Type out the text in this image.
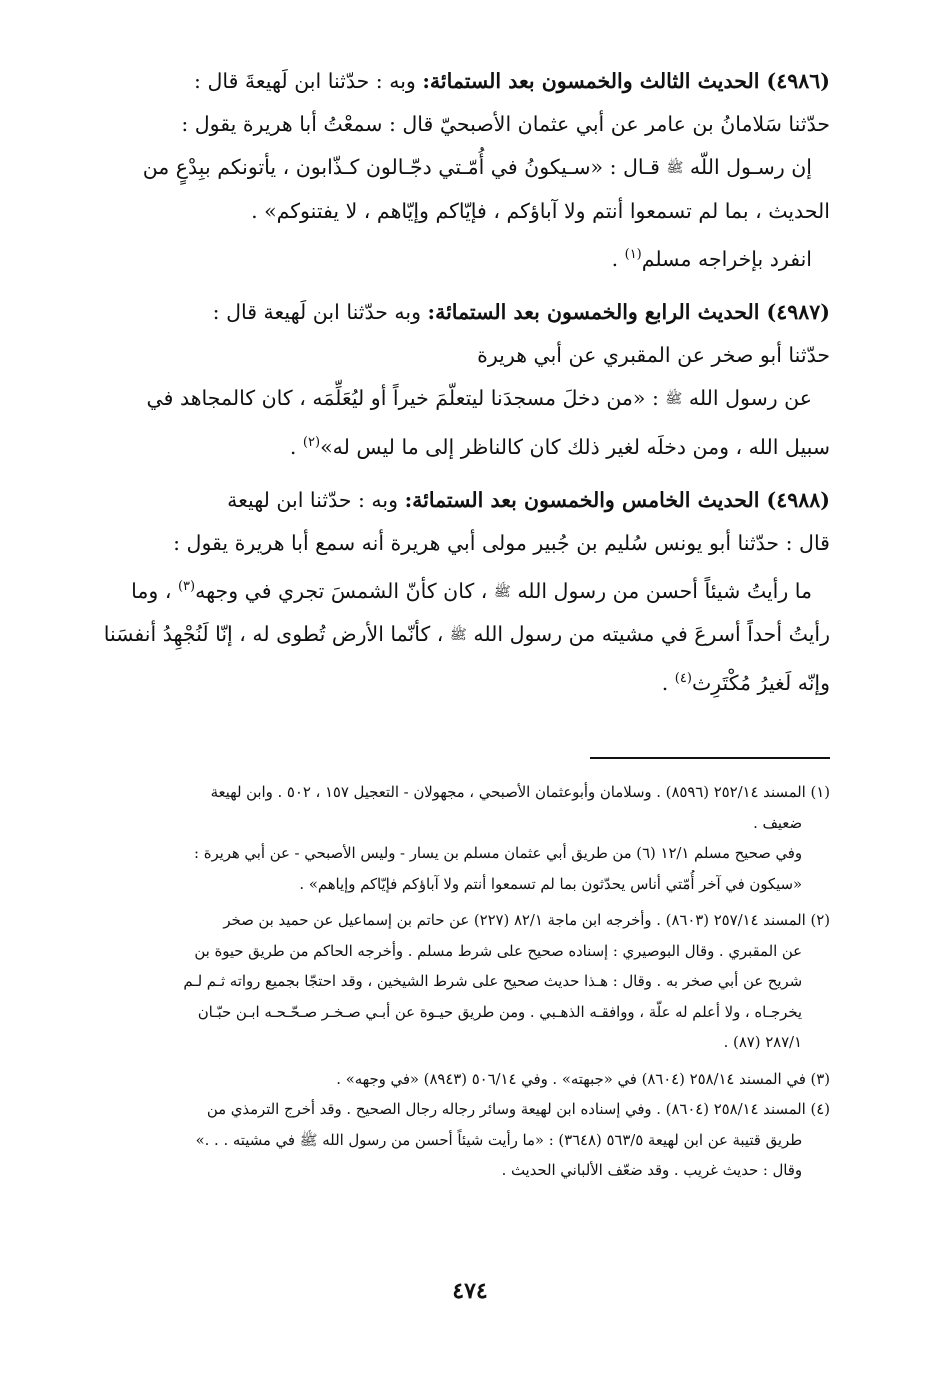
(٤٩٨٦) الحديث الثالث والخمسون بعد الستمائة: وبه : حدّثنا ابن لَهيعةَ قال :
حدّثنا سَلامانُ بن عامر عن أبي عثمان الأصبحيّ قال : سمعْتُ أبا هريرة يقول :
إن رسـول اللّه ﷺ قـال : «سـيكونُ في أُمّـتي دجّـالون كـذّابون ، يأتونكم ببِدْعٍ من
الحديث ، بما لم تسمعوا أنتم ولا آباؤكم ، فإيّاكم وإيّاهم ، لا يفتنوكم» .
انفرد بإخراجه مسلم$^{(١)}$ .
(٤٩٨٧) الحديث الرابع والخمسون بعد الستمائة: وبه حدّثنا ابن لَهيعة قال :
حدّثنا أبو صخر عن المقبري عن أبي هريرة
عن رسول الله ﷺ : «من دخلَ مسجدَنا ليتعلّمَ خيراً أو ليُعَلِّمَه ، كان كالمجاهد في
سبيل الله ، ومن دخلَه لغير ذلك كان كالناظر إلى ما ليس له»$^{(٢)}$ .
(٤٩٨٨) الحديث الخامس والخمسون بعد الستمائة: وبه : حدّثنا ابن لهيعة
قال : حدّثنا أبو يونس سُليم بن جُبير مولى أبي هريرة أنه سمع أبا هريرة يقول :
ما رأيتُ شيئاً أحسن من رسول الله ﷺ ، كان كأنّ الشمسَ تجري في وجهه$^{(٣)}$ ، وما
رأيتُ أحداً أسرعَ في مشيته من رسول الله ﷺ ، كأنّما الأرض تُطوى له ، إنّا لَنُجْهِدُ أنفسَنا
وإنّه لَغيرُ مُكْتَرِث$^{(٤)}$ .
(١) المسند ٢٥٢/١٤ (٨٥٩٦) . وسلامان وأبوعثمان الأصبحي ، مجهولان - التعجيل ١٥٧ ، ٥٠٢ . وابن لهيعة
ضعيف .
وفي صحيح مسلم ١٢/١ (٦) من طريق أبي عثمان مسلم بن يسار - وليس الأصبحي - عن أبي هريرة :
«سيكون في آخر أُمّتي أناس يحدّثون بما لم تسمعوا أنتم ولا آباؤكم فإيّاكم وإياهم» .
(٢) المسند ٢٥٧/١٤ (٨٦٠٣) . وأخرجه ابن ماجة ٨٢/١ (٢٢٧) عن حاتم بن إسماعيل عن حميد بن صخر
عن المقبري . وقال البوصيري : إسناده صحيح على شرط مسلم . وأخرجه الحاكم من طريق حيوة بن
شريح عن أبي صخر به . وقال : هـذا حديث صحيح على شرط الشيخين ، وقد احتجّا بجميع رواته ثـم لـم
يخرجـاه ، ولا أعلم له علّة ، ووافقـه الذهـبي . ومن طريق حيـوة عن أبـي صـخـر صـحّـحـه ابـن حبّـان
٢٨٧/١ (٨٧) .
(٣) في المسند ٢٥٨/١٤ (٨٦٠٤) في «جبهته» . وفي ٥٠٦/١٤ (٨٩٤٣) «في وجهه» .
(٤) المسند ٢٥٨/١٤ (٨٦٠٤) . وفي إسناده ابن لهيعة وسائر رجاله رجال الصحيح . وقد أخرج الترمذي من
طريق قتيبة عن ابن لهيعة ٥٦٣/٥ (٣٦٤٨) : «ما رأيت شيئاً أحسن من رسول الله ﷺ في مشيته . . .»
وقال : حديث غريب . وقد ضعّف الألباني الحديث .
٤٧٤
